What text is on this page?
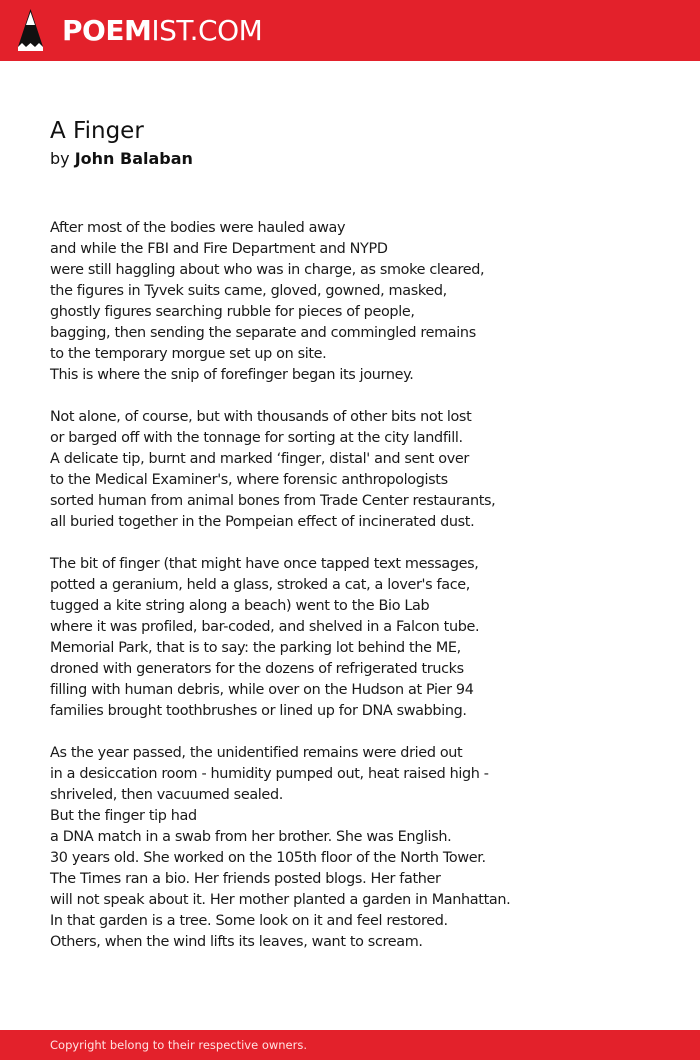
POEMIST.COM
A Finger
by John Balaban

After most of the bodies were hauled away
and while the FBI and Fire Department and NYPD
were still haggling about who was in charge, as smoke cleared,
the figures in Tyvek suits came, gloved, gowned, masked,
ghostly figures searching rubble for pieces of people,
bagging, then sending the separate and commingled remains
to the temporary morgue set up on site.
This is where the snip of forefinger began its journey.

Not alone, of course, but with thousands of other bits not lost
or barged off with the tonnage for sorting at the city landfill.
A delicate tip, burnt and marked ‘finger, distal' and sent over
to the Medical Examiner's, where forensic anthropologists
sorted human from animal bones from Trade Center restaurants,
all buried together in the Pompeian effect of incinerated dust.

The bit of finger (that might have once tapped text messages,
potted a geranium, held a glass, stroked a cat, a lover's face,
tugged a kite string along a beach) went to the Bio Lab
where it was profiled, bar-coded, and shelved in a Falcon tube.
Memorial Park, that is to say: the parking lot behind the ME,
droned with generators for the dozens of refrigerated trucks
filling with human debris, while over on the Hudson at Pier 94
families brought toothbrushes or lined up for DNA swabbing.

As the year passed, the unidentified remains were dried out
in a desiccation room - humidity pumped out, heat raised high -
shriveled, then vacuumed sealed.
But the finger tip had
a DNA match in a swab from her brother. She was English.
30 years old. She worked on the 105th floor of the North Tower.
The Times ran a bio. Her friends posted blogs. Her father
will not speak about it. Her mother planted a garden in Manhattan.
In that garden is a tree. Some look on it and feel restored.
Others, when the wind lifts its leaves, want to scream.

Copyright belong to their respective owners.
